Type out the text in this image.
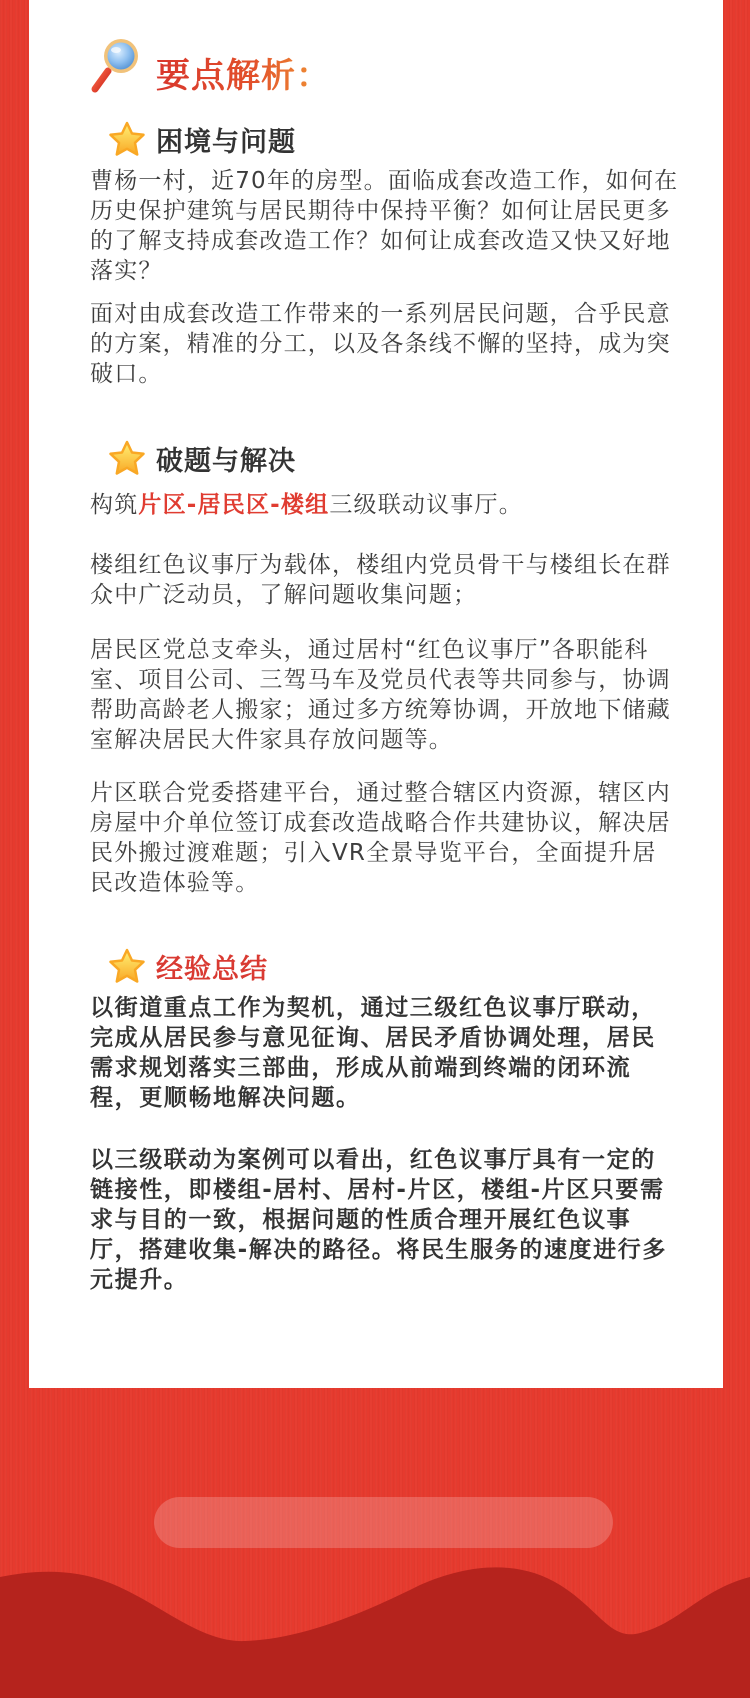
要点解析：
困境与问题
曹杨一村，近70年的房型。面临成套改造工作，如何在历史保护建筑与居民期待中保持平衡？如何让居民更多的了解支持成套改造工作？如何让成套改造又快又好地落实？
面对由成套改造工作带来的一系列居民问题，合乎民意的方案，精准的分工，以及各条线不懈的坚持，成为突破口。
破题与解决
构筑片区-居民区-楼组三级联动议事厅。
楼组红色议事厅为载体，楼组内党员骨干与楼组长在群众中广泛动员，了解问题收集问题；
居民区党总支牵头，通过居村“红色议事厅”各职能科室、项目公司、三驾马车及党员代表等共同参与，协调帮助高龄老人搬家；通过多方统筹协调，开放地下储藏室解决居民大件家具存放问题等。
片区联合党委搭建平台，通过整合辖区内资源，辖区内房屋中介单位签订成套改造战略合作共建协议，解决居民外搬过渡难题；引入VR全景导览平台，全面提升居民改造体验等。
经验总结
以街道重点工作为契机，通过三级红色议事厅联动，完成从居民参与意见征询、居民矛盾协调处理，居民需求规划落实三部曲，形成从前端到终端的闭环流程，更顺畅地解决问题。
以三级联动为案例可以看出，红色议事厅具有一定的链接性，即楼组-居村、居村-片区，楼组-片区只要需求与目的一致，根据问题的性质合理开展红色议事厅，搭建收集-解决的路径。将民生服务的速度进行多元提升。
